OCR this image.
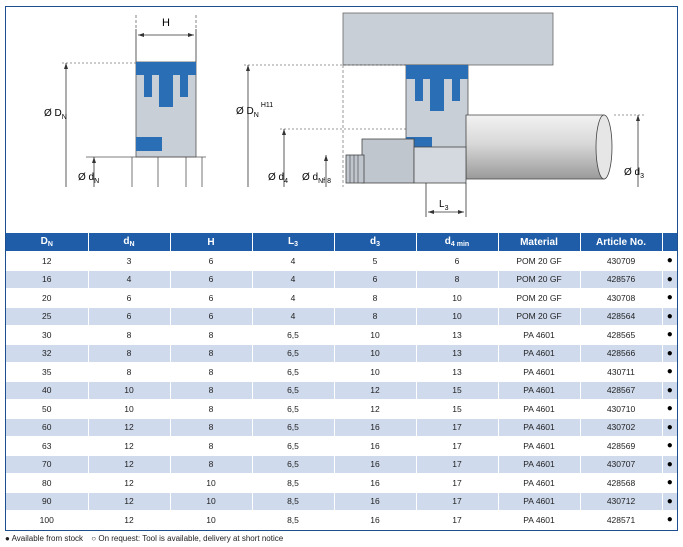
H
Ø $D_N$
Ø $d_N$
Ø $D_N^{H11}$
Ø $d_4$ Ø $d_{Nf 8}$
Ø $d_3$
$L_3$
$D_N$	$d_N$	H	$L_3$	$d_3$	$d_{4 min}$	Material	Article No.	
12	3	6	4	5	6	POM 20 GF	430709	●
16	4	6	4	6	8	POM 20 GF	428576	●
20	6	6	4	8	10	POM 20 GF	430708	●
25	6	6	4	8	10	POM 20 GF	428564	●
30	8	8	6,5	10	13	PA 4601	428565	●
32	8	8	6,5	10	13	PA 4601	428566	●
35	8	8	6,5	10	13	PA 4601	430711	●
40	10	8	6,5	12	15	PA 4601	428567	●
50	10	8	6,5	12	15	PA 4601	430710	●
60	12	8	6,5	16	17	PA 4601	430702	●
63	12	8	6,5	16	17	PA 4601	428569	●
70	12	8	6,5	16	17	PA 4601	430707	●
80	12	10	8,5	16	17	PA 4601	428568	●
90	12	10	8,5	16	17	PA 4601	430712	●
100	12	10	8,5	16	17	PA 4601	428571	●

● Available from stock ○ On request: Tool is available, delivery at short notice
